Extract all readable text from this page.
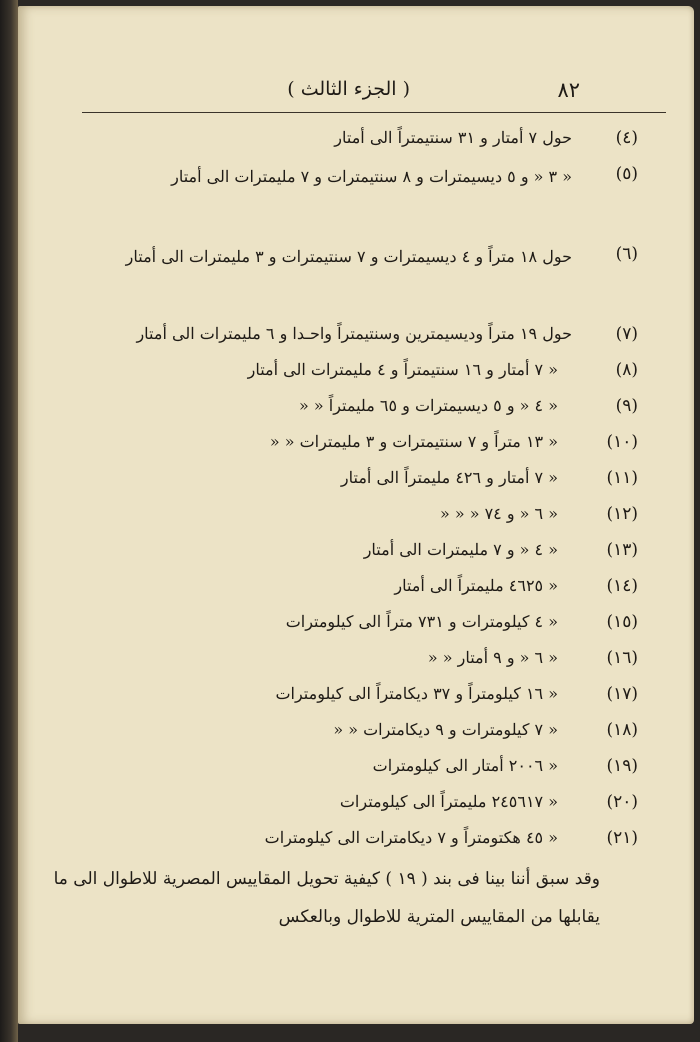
٨٢
( الجزء الثالث )
(٤)
حول ٧ أمتار و ٣١ سنتيمتراً الى أمتار
(٥)
« ٣ « و ٥ ديسيمترات و ٨ سنتيمترات و ٧ مليمترات الى أمتار
(٦)
حول ١٨ متراً و ٤ ديسيمترات و ٧ سنتيمترات و ٣ مليمترات الى أمتار
(٧)
حول ١٩ متراً وديسيمترين وسنتيمتراً واحـدا و ٦ مليمترات الى أمتار
(٨)
« ٧ أمتار و ١٦ سنتيمتراً و ٤ مليمترات الى أمتار
(٩)
« ٤ « و ٥ ديسيمترات و ٦٥ مليمتراً « «
(١٠)
« ١٣ متراً و ٧ سنتيمترات و ٣ مليمترات « «
(١١)
« ٧ أمتار و ٤٢٦ مليمتراً الى أمتار
(١٢)
« ٦ « و ٧٤ « « «
(١٣)
« ٤ « و ٧ مليمترات الى أمتار
(١٤)
« ٤٦٢٥ مليمتراً الى أمتار
(١٥)
« ٤ كيلومترات و ٧٣١ متراً الى كيلومترات
(١٦)
« ٦ « و ٩ أمتار « «
(١٧)
« ١٦ كيلومتراً و ٣٧ ديكامتراً الى كيلومترات
(١٨)
« ٧ كيلومترات و ٩ ديكامترات « «
(١٩)
« ٢٠٠٦ أمتار الى كيلومترات
(٢٠)
« ٢٤٥٦١٧ مليمتراً الى كيلومترات
(٢١)
« ٤٥ هكتومتراً و ٧ ديكامترات الى كيلومترات
وقد سبق أننا بينا فى بند ( ١٩ ) كيفية تحويل المقاييس المصرية للاطوال الى ما يقابلها من المقاييس المترية للاطوال وبالعكس
